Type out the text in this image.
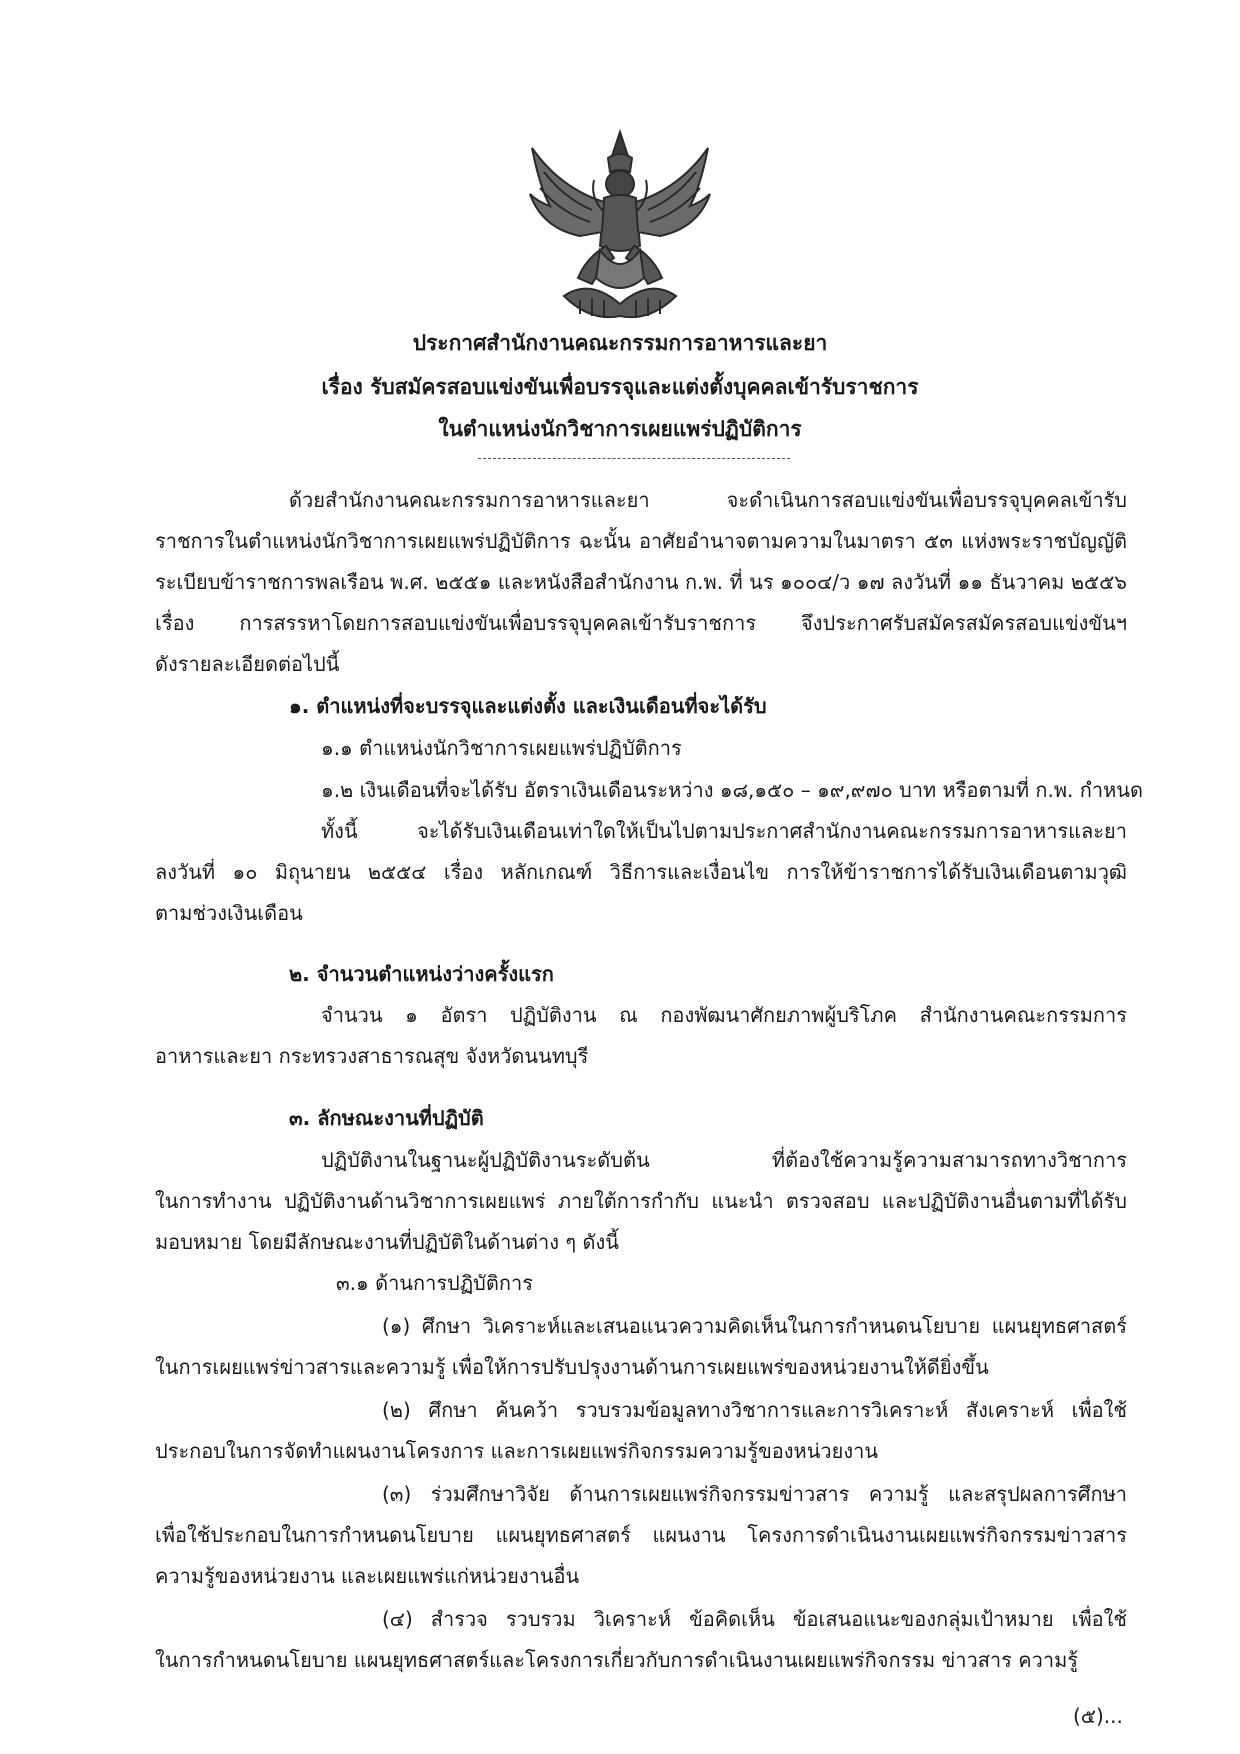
ประกาศสำนักงานคณะกรรมการอาหารและยา
เรื่อง รับสมัครสอบแข่งขันเพื่อบรรจุและแต่งตั้งบุคคลเข้ารับราชการ
ในตำแหน่งนักวิชาการเผยแพร่ปฏิบัติการ
ด้วยสำนักงานคณะกรรมการอาหารและยา จะดำเนินการสอบแข่งขันเพื่อบรรจุบุคคลเข้ารับ
ราชการในตำแหน่งนักวิชาการเผยแพร่ปฏิบัติการ ฉะนั้น อาศัยอำนาจตามความในมาตรา ๕๓ แห่งพระราชบัญญัติ
ระเบียบข้าราชการพลเรือน พ.ศ. ๒๕๕๑ และหนังสือสำนักงาน ก.พ. ที่ นร ๑๐๐๔/ว ๑๗ ลงวันที่ ๑๑ ธันวาคม ๒๕๕๖
เรื่อง การสรรหาโดยการสอบแข่งขันเพื่อบรรจุบุคคลเข้ารับราชการ จึงประกาศรับสมัครสมัครสอบแข่งขันฯ
ดังรายละเอียดต่อไปนี้
๑. ตำแหน่งที่จะบรรจุและแต่งตั้ง และเงินเดือนที่จะได้รับ
๑.๑ ตำแหน่งนักวิชาการเผยแพร่ปฏิบัติการ
๑.๒ เงินเดือนที่จะได้รับ อัตราเงินเดือนระหว่าง ๑๘,๑๕๐ – ๑๙,๙๗๐ บาท หรือตามที่ ก.พ. กำหนด
ทั้งนี้ จะได้รับเงินเดือนเท่าใดให้เป็นไปตามประกาศสำนักงานคณะกรรมการอาหารและยา
ลงวันที่ ๑๐ มิถุนายน ๒๕๕๔ เรื่อง หลักเกณฑ์ วิธีการและเงื่อนไข การให้ข้าราชการได้รับเงินเดือนตามวุฒิ
ตามช่วงเงินเดือน
๒. จำนวนตำแหน่งว่างครั้งแรก
จำนวน ๑ อัตรา ปฏิบัติงาน ณ กองพัฒนาศักยภาพผู้บริโภค สำนักงานคณะกรรมการ
อาหารและยา กระทรวงสาธารณสุข จังหวัดนนทบุรี
๓. ลักษณะงานที่ปฏิบัติ
ปฏิบัติงานในฐานะผู้ปฏิบัติงานระดับต้น ที่ต้องใช้ความรู้ความสามารถทางวิชาการ
ในการทำงาน ปฏิบัติงานด้านวิชาการเผยแพร่ ภายใต้การกำกับ แนะนำ ตรวจสอบ และปฏิบัติงานอื่นตามที่ได้รับ
มอบหมาย โดยมีลักษณะงานที่ปฏิบัติในด้านต่าง ๆ ดังนี้
๓.๑ ด้านการปฏิบัติการ
(๑) ศึกษา วิเคราะห์และเสนอแนวความคิดเห็นในการกำหนดนโยบาย แผนยุทธศาสตร์
ในการเผยแพร่ข่าวสารและความรู้ เพื่อให้การปรับปรุงงานด้านการเผยแพร่ของหน่วยงานให้ดียิ่งขึ้น
(๒) ศึกษา ค้นคว้า รวบรวมข้อมูลทางวิชาการและการวิเคราะห์ สังเคราะห์ เพื่อใช้
ประกอบในการจัดทำแผนงานโครงการ และการเผยแพร่กิจกรรมความรู้ของหน่วยงาน
(๓) ร่วมศึกษาวิจัย ด้านการเผยแพร่กิจกรรมข่าวสาร ความรู้ และสรุปผลการศึกษา
เพื่อใช้ประกอบในการกำหนดนโยบาย แผนยุทธศาสตร์ แผนงาน โครงการดำเนินงานเผยแพร่กิจกรรมข่าวสาร
ความรู้ของหน่วยงาน และเผยแพร่แก่หน่วยงานอื่น
(๔) สำรวจ รวบรวม วิเคราะห์ ข้อคิดเห็น ข้อเสนอแนะของกลุ่มเป้าหมาย เพื่อใช้
ในการกำหนดนโยบาย แผนยุทธศาสตร์และโครงการเกี่ยวกับการดำเนินงานเผยแพร่กิจกรรม ข่าวสาร ความรู้
(๕)...
